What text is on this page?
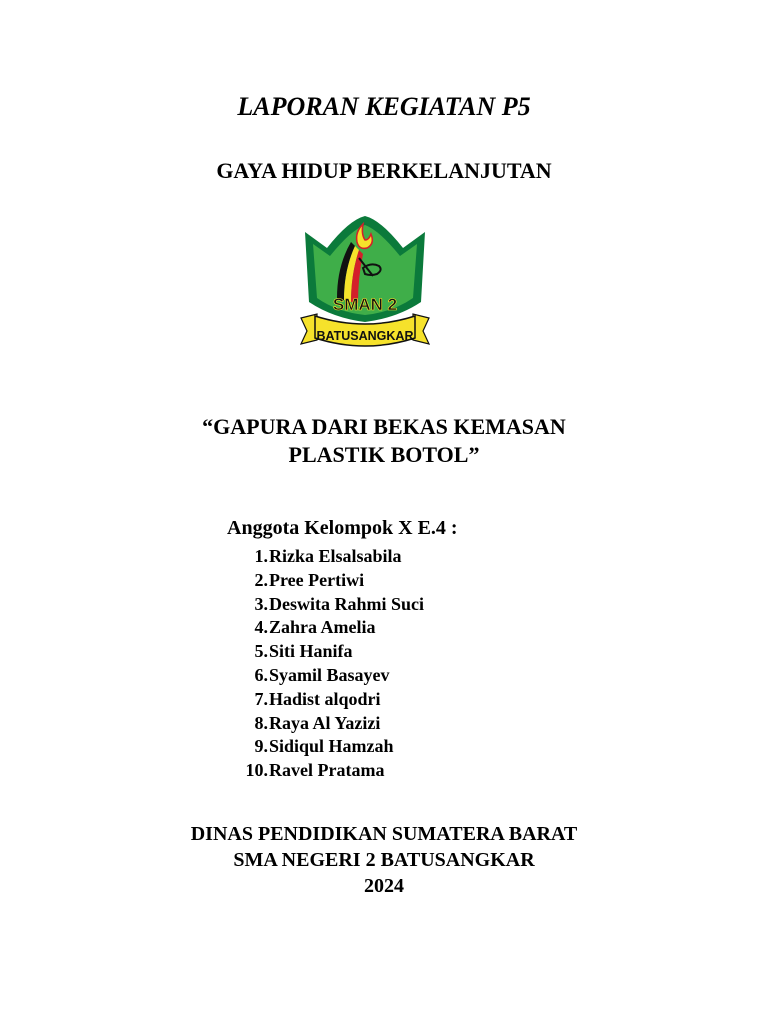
LAPORAN KEGIATAN P5
GAYA HIDUP BERKELANJUTAN
SMAN 2
BATUSANGKAR
“GAPURA DARI BEKAS KEMASAN
PLASTIK BOTOL”
Anggota Kelompok X E.4 :
1. Rizka Elsalsabila
2. Pree Pertiwi
3. Deswita Rahmi Suci
4. Zahra Amelia
5. Siti Hanifa
6. Syamil Basayev
7. Hadist alqodri
8. Raya Al Yazizi
9. Sidiqul Hamzah
10. Ravel Pratama
DINAS PENDIDIKAN SUMATERA BARAT
SMA NEGERI 2 BATUSANGKAR
2024
